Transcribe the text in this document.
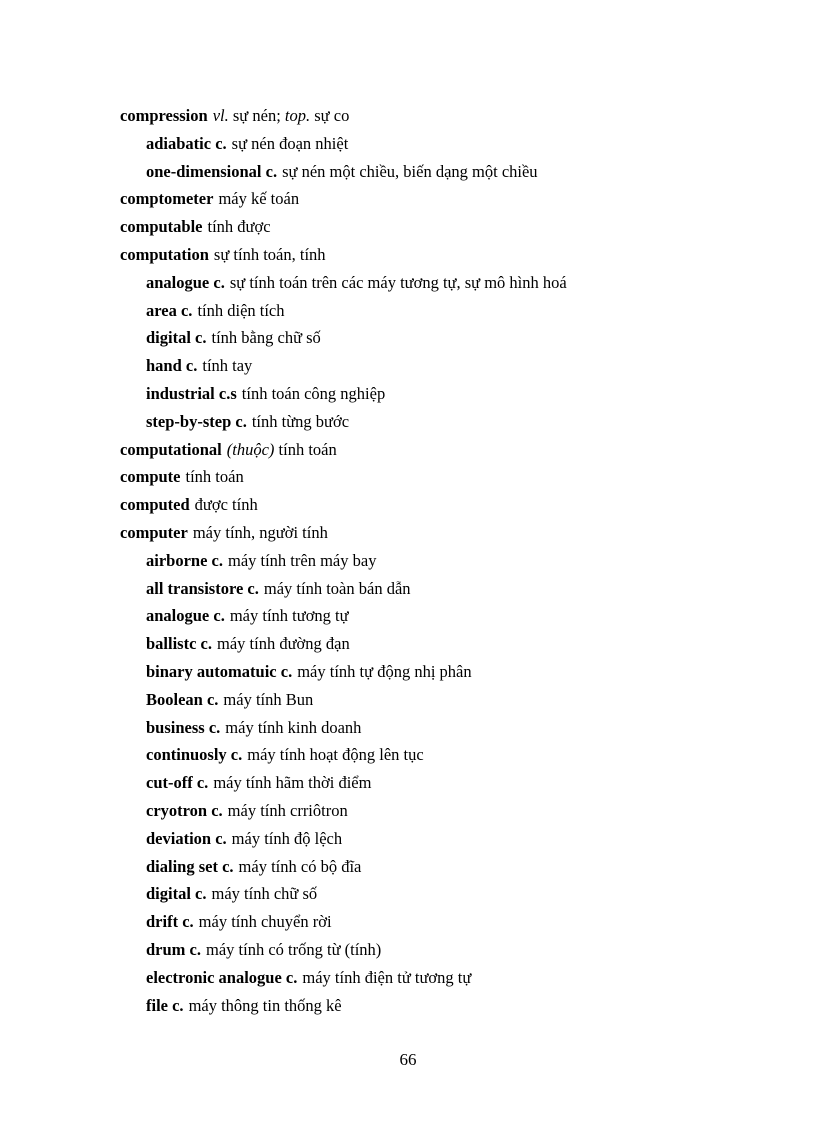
compression vl. sự nén; top. sự co
adiabatic c. sự nén đoạn nhiệt
one-dimensional c. sự nén một chiều, biến dạng một chiều
comptometer máy kế toán
computable tính được
computation sự tính toán, tính
analogue c. sự tính toán trên các máy tương tự, sự mô hình hoá
area c. tính diện tích
digital c. tính bằng chữ số
hand c. tính tay
industrial c.s tính toán công nghiệp
step-by-step c. tính từng bước
computational (thuộc) tính toán
compute tính toán
computed được tính
computer máy tính, người tính
airborne c. máy tính trên máy bay
all transistore c. máy tính toàn bán dẫn
analogue c. máy tính tương tự
ballistc c. máy tính đường đạn
binary automatuic c. máy tính tự động nhị phân
Boolean c. máy tính Bun
business c. máy tính kinh doanh
continuosly c. máy tính hoạt động lên tục
cut-off c. máy tính hãm thời điểm
cryotron c. máy tính crriôtron
deviation c. máy tính độ lệch
dialing set c. máy tính có bộ đĩa
digital c. máy tính chữ số
drift c. máy tính chuyển rời
drum c. máy tính có trống từ (tính)
electronic analogue c. máy tính điện tử tương tự
file c. máy thông tin thống kê
66
